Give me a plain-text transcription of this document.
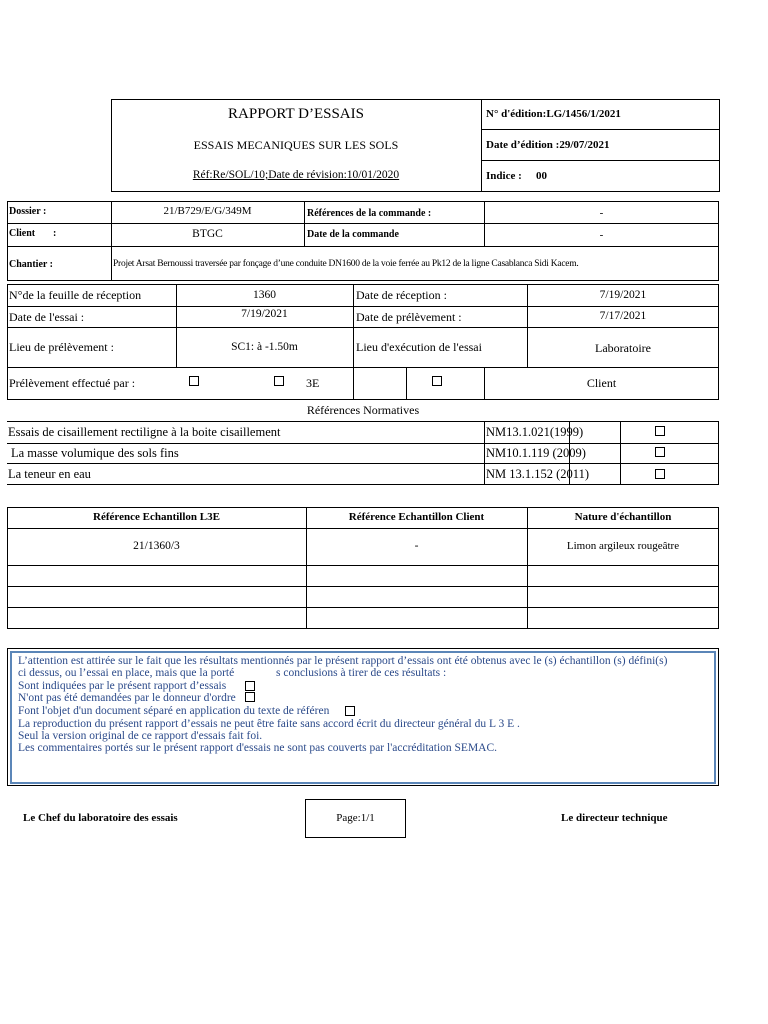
RAPPORT D’ESSAIS
ESSAIS MECANIQUES SUR LES SOLS
Réf:Re/SOL/10;Date de révision:10/01/2020
N° d'édition:LG/1456/1/2021
Date d’édition :29/07/2021
Indice : 00
Dossier :	21/B729/E/G/349M	Références de la commande :	-
Client :	BTGC	Date de la commande	-
Chantier :	Projet Arsat Bernoussi traversée par fonçage d’une conduite DN1600 de la voie ferrée au Pk12 de la ligne Casablanca Sidi Kacem.
N°de la feuille de réception	1360	Date de réception :	7/19/2021
Date de l'essai :	7/19/2021	Date de prélèvement :	7/17/2021
Lieu de prélèvement :	SC1: à -1.50m	Lieu d'exécution de l'essai	Laboratoire
Prélèvement effectué par :	3E	Client
Références Normatives
Essais de cisaillement rectiligne à la boite cisaillement	NM13.1.021(1999)
La masse volumique des sols fins	NM10.1.119 (2009)
La teneur en eau	NM 13.1.152 (2011)
Référence Echantillon L3E	Référence Echantillon Client	Nature d'échantillon
21/1360/3	-	Limon argileux rougeâtre
L’attention est attirée sur le fait que les résultats mentionnés par le présent rapport d’essais ont été obtenus avec le (s) échantillon (s) défini(s)
ci dessus, ou l’essai en place, mais que la porté	s conclusions à tirer de ces résultats :
Sont indiquées par le présent rapport d’essais
N'ont pas été demandées par le donneur d'ordre
Font l'objet d'un document séparé en application du texte de référen
La reproduction du présent rapport d’essais ne peut être faite sans accord écrit du directeur général du L 3 E .
Seul la version original de ce rapport d'essais fait foi.
Les commentaires portés sur le présent rapport d'essais ne sont pas couverts par l'accréditation SEMAC.
Le Chef du laboratoire des essais	Page:1/1	Le directeur technique
